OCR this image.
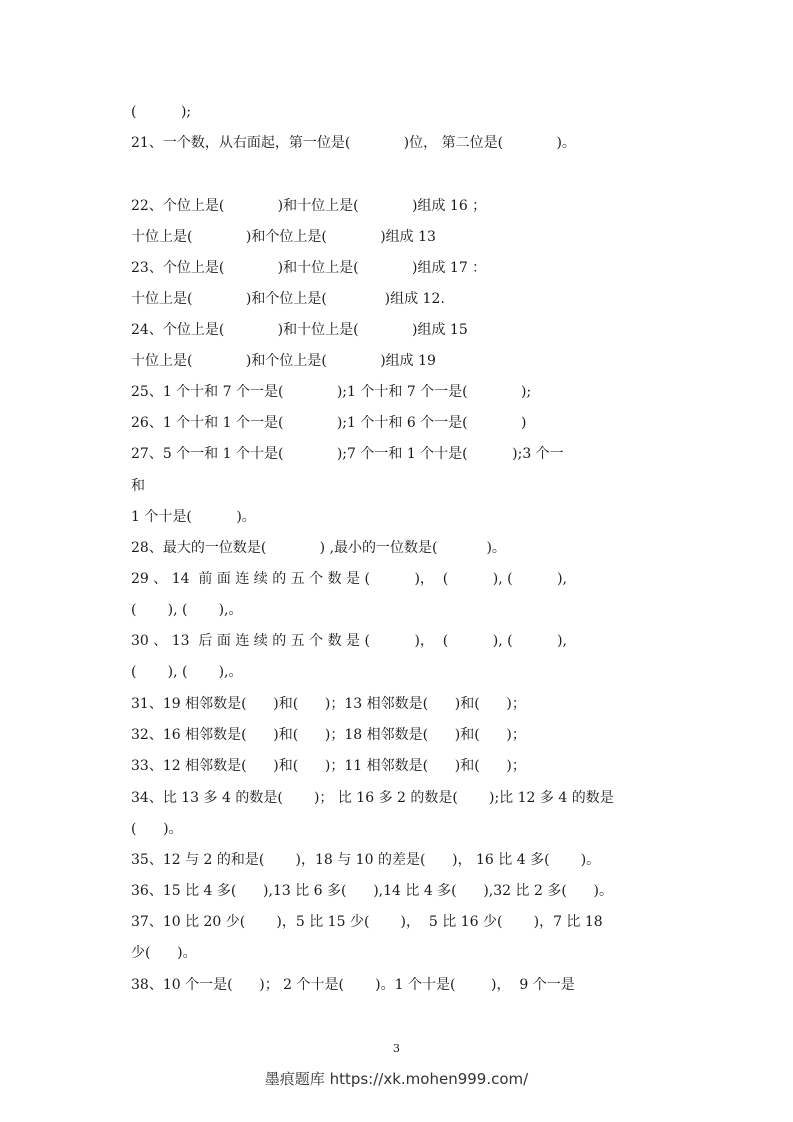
(          );
21、一个数，从右面起，第一位是(            )位， 第二位是(            )。
22、个位上是(            )和十位上是(            )组成 16 ；
十位上是(            )和个位上是(            )组成 13
23、个位上是(            )和十位上是(            )组成 17 ：
十位上是(            )和个位上是(             )组成 12.
24、个位上是(            )和十位上是(            )组成 15
十位上是(            )和个位上是(            )组成 19
25、1 个十和 7 个一是(            );1 个十和 7 个一是(            );
26、1 个十和 1 个一是(            );1 个十和 6 个一是(            )
27、5 个一和 1 个十是(            );7 个一和 1 个十是(          );3 个一
和
1 个十是(          )。
28、最大的一位数是(            ) ,最小的一位数是(           )。
29 、 14  前 面 连 续 的 五 个 数 是 (          )，  (          ), (          ),
(       ), (       ),。
30 、 13  后 面 连 续 的 五 个 数 是 (          )，  (          ), (          ),
(       ), (       ),。
31、19 相邻数是(      )和(      )；13 相邻数是(      )和(      )；
32、16 相邻数是(      )和(      )；18 相邻数是(      )和(      )；
33、12 相邻数是(      )和(      )；11 相邻数是(      )和(      )；
34、比 13 多 4 的数是(       )； 比 16 多 2 的数是(       );比 12 多 4 的数是
(      )。
35、12 与 2 的和是(       )，18 与 10 的差是(      )， 16 比 4 多(       )。
36、15 比 4 多(      ),13 比 6 多(      ),14 比 4 多(      ),32 比 2 多(      )。
37、10 比 20 少(       )，5 比 15 少(       )，  5 比 16 少(       )，7 比 18
少(      )。
38、10 个一是(      )； 2 个十是(       )。1 个十是(        )，  9 个一是
3
墨痕题库 https://xk.mohen999.com/
